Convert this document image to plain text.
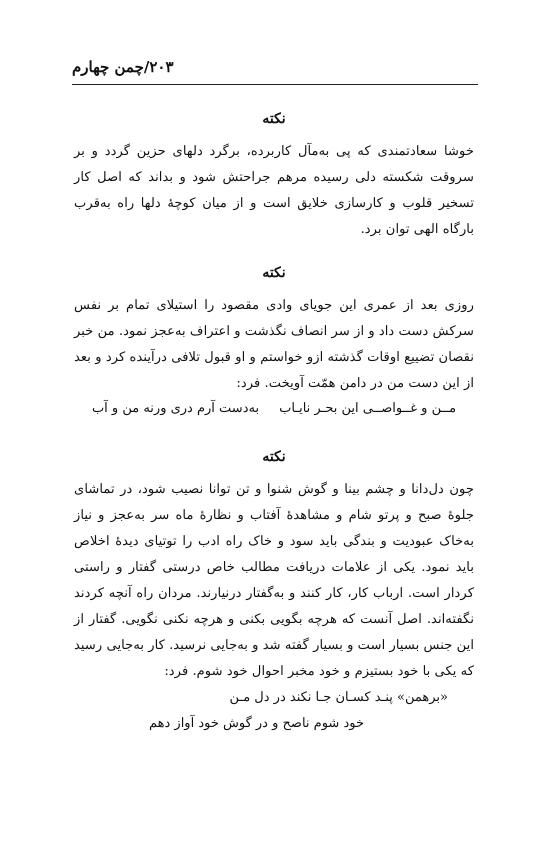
۲۰۳/چمن چهارم
نکته

خوشا سعادتمندی که پی به‌مآل کاربرده، برگرد دلهای حزین گردد و بر سروقت شکسته دلی رسیده مرهم جراحتش شود و بداند که اصل کار تسخیر قلوب و کارسازی خلایق است و از میان کوچهٔ دلها راه به‌قرب بارگاه الهی توان برد.

نکته

روزی بعد از عمری این جویای وادی مقصود را استیلای تمام بر نفس سرکش دست داد و از سر انصاف نگذشت و اعتراف به‌عجز نمود. من خبر نقصان تضییع اوقات گذشته ازو خواستم و او قبول تلافی درآینده کرد و بعد از این دست من در دامن همّت آویخت. فرد:

مــن و غــواصــی این بحـر نایـاب
به‌دست آرم دری ورنه من و آب
نکته

چون دل‌دانا و چشم بینا و گوش شنوا و تن توانا نصیب شود، در تماشای جلوهٔ صبح و پرتو شام و مشاهدهٔ آفتاب و نظارهٔ ماه سر به‌عجز و نیاز به‌خاک عبودیت و بندگی باید سود و خاک راه ادب را توتیای دیدهٔ اخلاص باید نمود. یکی از علامات دریافت مطالب خاص درستی گفتار و راستی کردار است. ارباب کار، کار کنند و به‌گفتار درنیارند. مردان راه آنچه کردند نگفته‌اند. اصل آنست که هرچه بگویی بکنی و هرچه نکنی نگویی. گفتار از این جنس بسیار است و بسیار گفته شد و به‌جایی نرسید. کار به‌جایی رسید که یکی با خود بستیزم و خود مخبر احوال خود شوم. فرد:

«برهمن» پنـد کسـان جـا نکند در دل مـن
خود شوم ناصح و در گوش خود آواز دهم
